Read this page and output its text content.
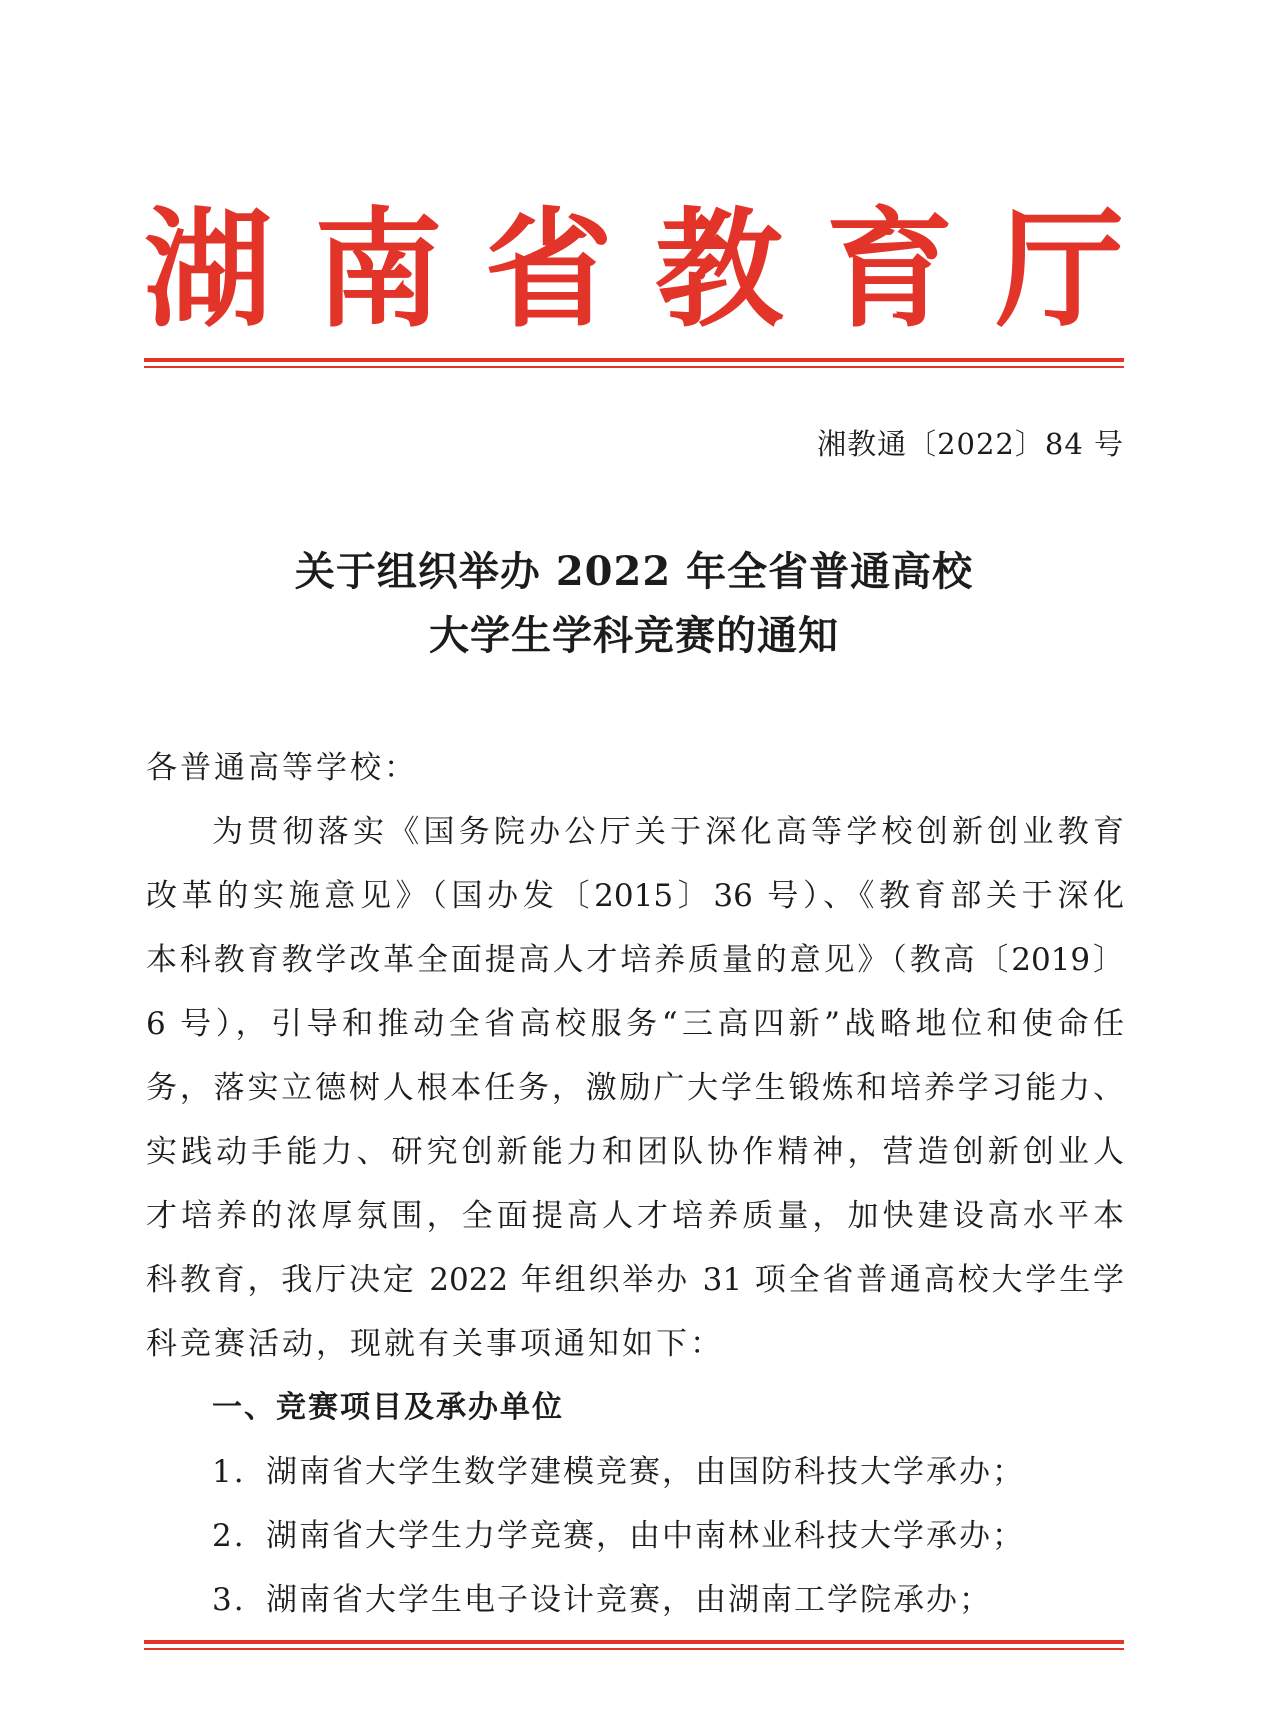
湖 南 省 教 育 厅
湘教通〔2022〕84 号
关于组织举办 2022 年全省普通高校
大学生学科竞赛的通知
各普通高等学校：
为贯彻落实《国务院办公厅关于深化高等学校创新创业教育
改革的实施意见》（国办发〔2015〕36 号）、《教育部关于深化
本科教育教学改革全面提高人才培养质量的意见》（教高〔2019〕
6 号），引导和推动全省高校服务“三高四新”战略地位和使命任
务，落实立德树人根本任务，激励广大学生锻炼和培养学习能力、
实践动手能力、研究创新能力和团队协作精神，营造创新创业人
才培养的浓厚氛围，全面提高人才培养质量，加快建设高水平本
科教育，我厅决定 2022 年组织举办 31 项全省普通高校大学生学
科竞赛活动，现就有关事项通知如下：
一、竞赛项目及承办单位
1. 湖南省大学生数学建模竞赛，由国防科技大学承办；
2. 湖南省大学生力学竞赛，由中南林业科技大学承办；
3. 湖南省大学生电子设计竞赛，由湖南工学院承办；
